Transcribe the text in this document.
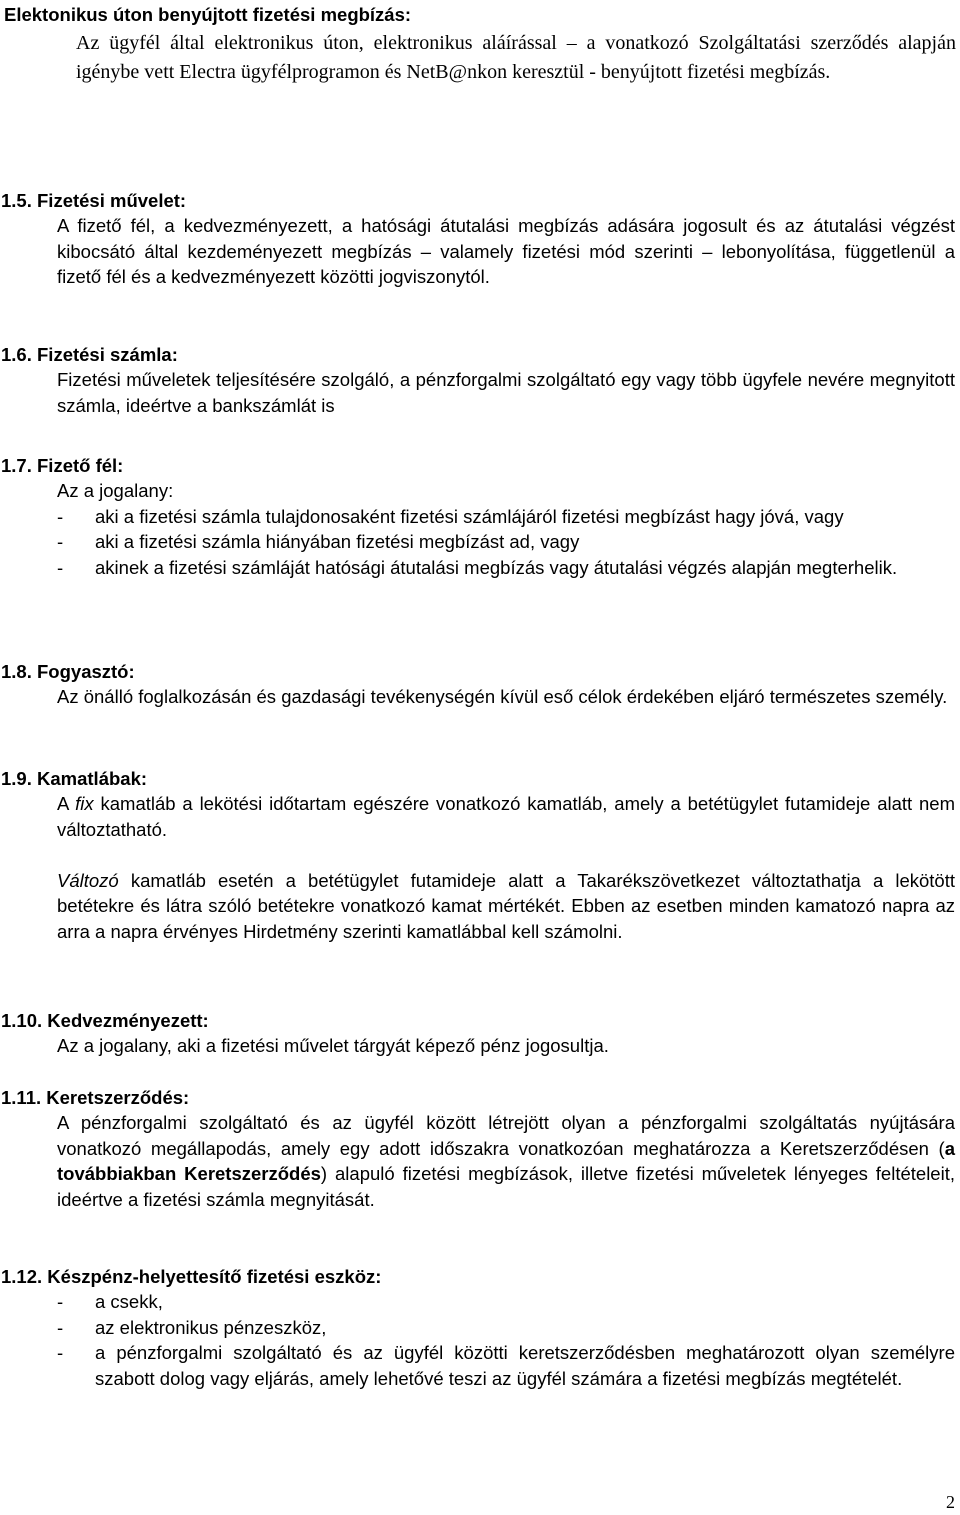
Elektonikus úton benyújtott fizetési megbízás:
Az ügyfél által elektronikus úton, elektronikus aláírással – a vonatkozó Szolgáltatási szerződés alapján igénybe vett Electra ügyfélprogramon és NetB@nkon keresztül - benyújtott fizetési megbízás.
1.5. Fizetési művelet:

A fizető fél, a kedvezményezett, a hatósági átutalási megbízás adására jogosult és az átutalási végzést kibocsátó által kezdeményezett megbízás – valamely fizetési mód szerinti – lebonyolítása, függetlenül a fizető fél és a kedvezményezett közötti jogviszonytól.

1.6. Fizetési számla:

Fizetési műveletek teljesítésére szolgáló, a pénzforgalmi szolgáltató egy vagy több ügyfele nevére megnyitott számla, ideértve a bankszámlát is

1.7. Fizető fél:

Az a jogalany:

- aki a fizetési számla tulajdonosaként fizetési számlájáról fizetési megbízást hagy jóvá, vagy
- aki a fizetési számla hiányában fizetési megbízást ad, vagy
- akinek a fizetési számláját hatósági átutalási megbízás vagy átutalási végzés alapján megterhelik.
1.8. Fogyasztó:

Az önálló foglalkozásán és gazdasági tevékenységén kívül eső célok érdekében eljáró természetes személy.

1.9. Kamatlábak:

A fix kamatláb a lekötési időtartam egészére vonatkozó kamatláb, amely a betétügylet futamideje alatt nem változtatható.

Változó kamatláb esetén a betétügylet futamideje alatt a Takarékszövetkezet változtathatja a lekötött betétekre és látra szóló betétekre vonatkozó kamat mértékét. Ebben az esetben minden kamatozó napra az arra a napra érvényes Hirdetmény szerinti kamatlábbal kell számolni.

1.10. Kedvezményezett:

Az a jogalany, aki a fizetési művelet tárgyát képező pénz jogosultja.

1.11. Keretszerződés:

A pénzforgalmi szolgáltató és az ügyfél között létrejött olyan a pénzforgalmi szolgáltatás nyújtására vonatkozó megállapodás, amely egy adott időszakra vonatkozóan meghatározza a Keretszerződésen (a továbbiakban Keretszerződés) alapuló fizetési megbízások, illetve fizetési műveletek lényeges feltételeit, ideértve a fizetési számla megnyitását.

1.12. Készpénz-helyettesítő fizetési eszköz:
- a csekk,
- az elektronikus pénzeszköz,
- a pénzforgalmi szolgáltató és az ügyfél közötti keretszerződésben meghatározott olyan személyre szabott dolog vagy eljárás, amely lehetővé teszi az ügyfél számára a fizetési megbízás megtételét.
2
